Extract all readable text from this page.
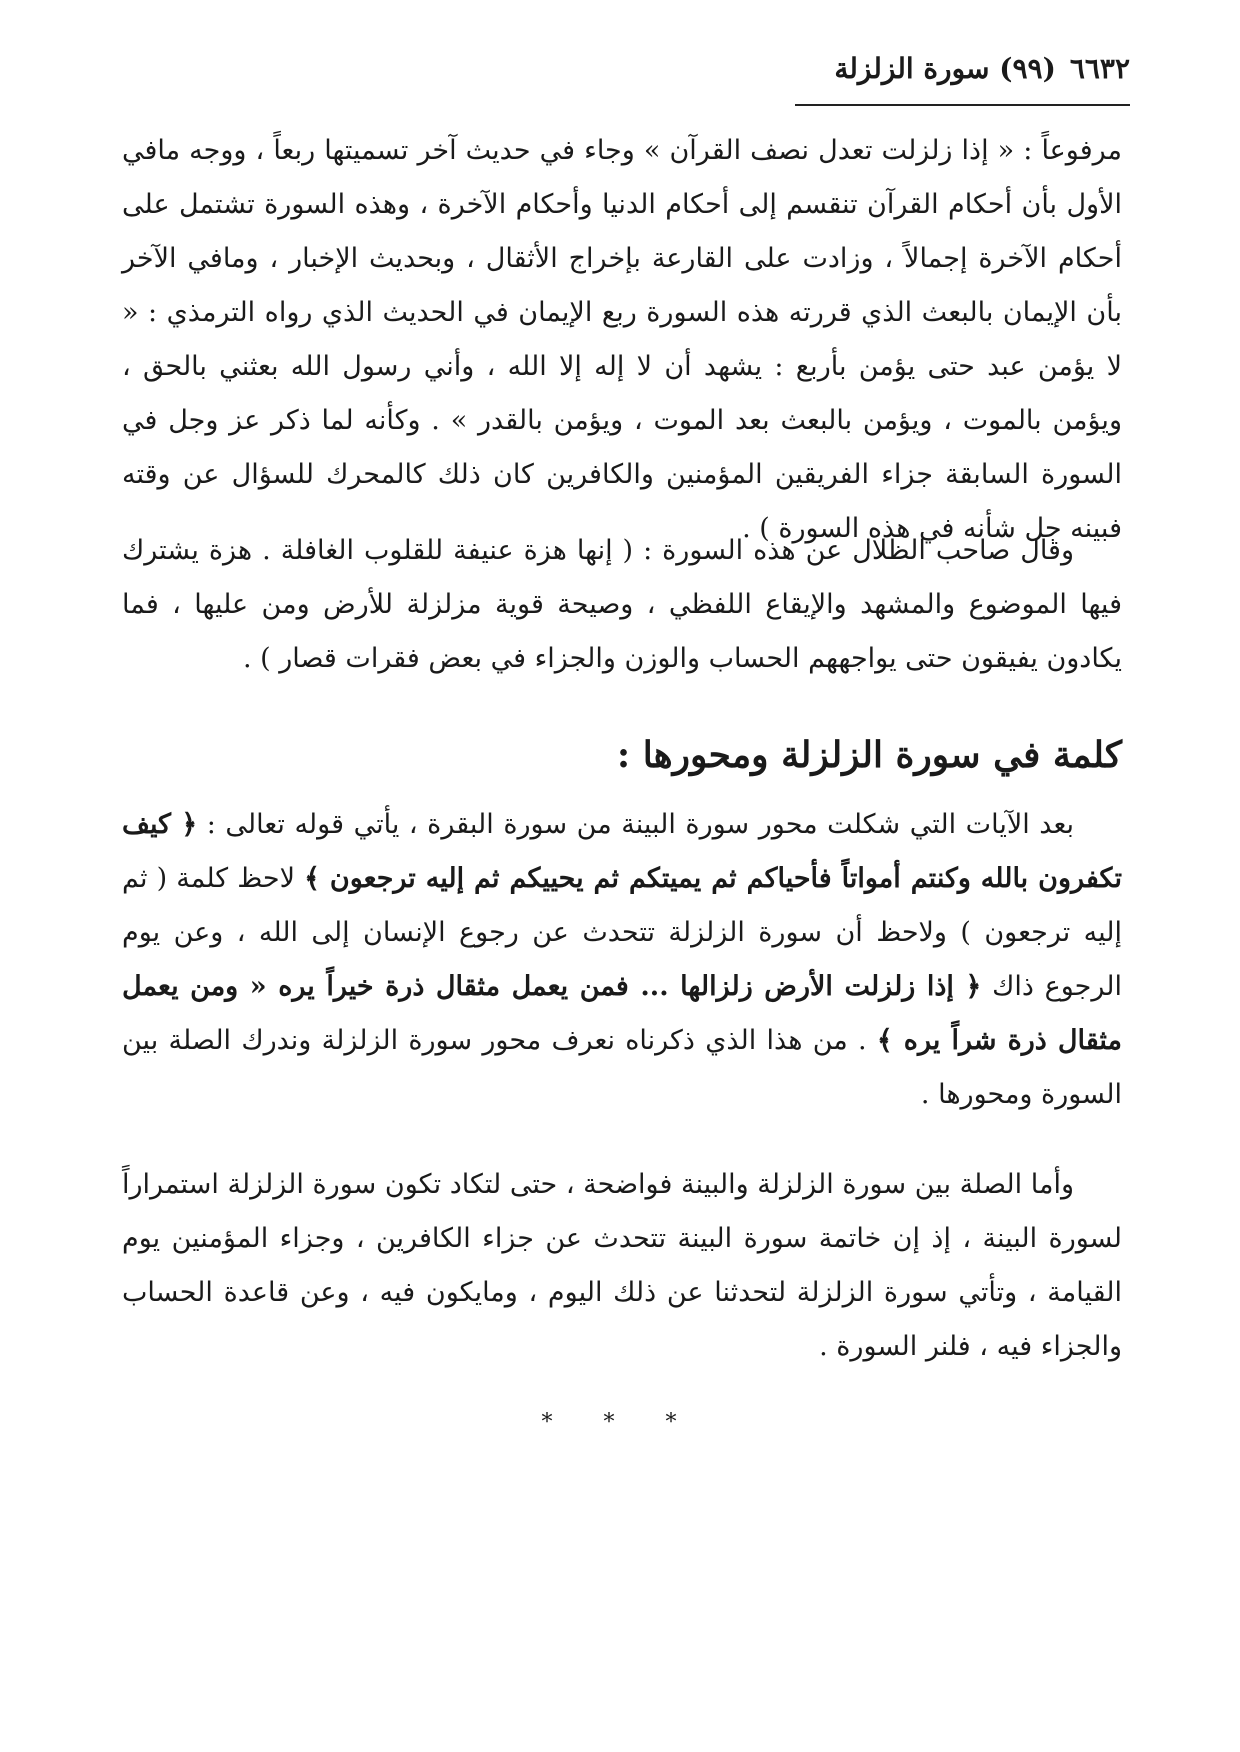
٦٦٣٢
(٩٩) سورة الزلزلة

مرفوعاً : « إذا زلزلت تعدل نصف القرآن » وجاء في حديث آخر تسميتها ربعاً ، ووجه مافي الأول بأن أحكام القرآن تنقسم إلى أحكام الدنيا وأحكام الآخرة ، وهذه السورة تشتمل على أحكام الآخرة إجمالاً ، وزادت على القارعة بإخراج الأثقال ، وبحديث الإخبار ، ومافي الآخر بأن الإيمان بالبعث الذي قررته هذه السورة ربع الإيمان في الحديث الذي رواه الترمذي : « لا يؤمن عبد حتى يؤمن بأربع : يشهد أن لا إله إلا الله ، وأني رسول الله بعثني بالحق ، ويؤمن بالموت ، ويؤمن بالبعث بعد الموت ، ويؤمن بالقدر » . وكأنه لما ذكر عز وجل في السورة السابقة جزاء الفريقين المؤمنين والكافرين كان ذلك كالمحرك للسؤال عن وقته فبينه جل شأنه في هذه السورة ) .

وقال صاحب الظلال عن هذه السورة : ( إنها هزة عنيفة للقلوب الغافلة . هزة يشترك فيها الموضوع والمشهد والإيقاع اللفظي ، وصيحة قوية مزلزلة للأرض ومن عليها ، فما يكادون يفيقون حتى يواجههم الحساب والوزن والجزاء في بعض فقرات قصار ) .

كلمة في سورة الزلزلة ومحورها :

بعد الآيات التي شكلت محور سورة البينة من سورة البقرة ، يأتي قوله تعالى : ﴿ كيف تكفرون بالله وكنتم أمواتاً فأحياكم ثم يميتكم ثم يحييكم ثم إليه ترجعون ﴾ لاحظ كلمة ( ثم إليه ترجعون ) ولاحظ أن سورة الزلزلة تتحدث عن رجوع الإنسان إلى الله ، وعن يوم الرجوع ذاك ﴿ إذا زلزلت الأرض زلزالها ... فمن يعمل مثقال ذرة خيراً يره « ومن يعمل مثقال ذرة شراً يره ﴾ . من هذا الذي ذكرناه نعرف محور سورة الزلزلة وندرك الصلة بين السورة ومحورها .

وأما الصلة بين سورة الزلزلة والبينة فواضحة ، حتى لتكاد تكون سورة الزلزلة استمراراً لسورة البينة ، إذ إن خاتمة سورة البينة تتحدث عن جزاء الكافرين ، وجزاء المؤمنين يوم القيامة ، وتأتي سورة الزلزلة لتحدثنا عن ذلك اليوم ، ومايكون فيه ، وعن قاعدة الحساب والجزاء فيه ، فلنر السورة .

* * *
